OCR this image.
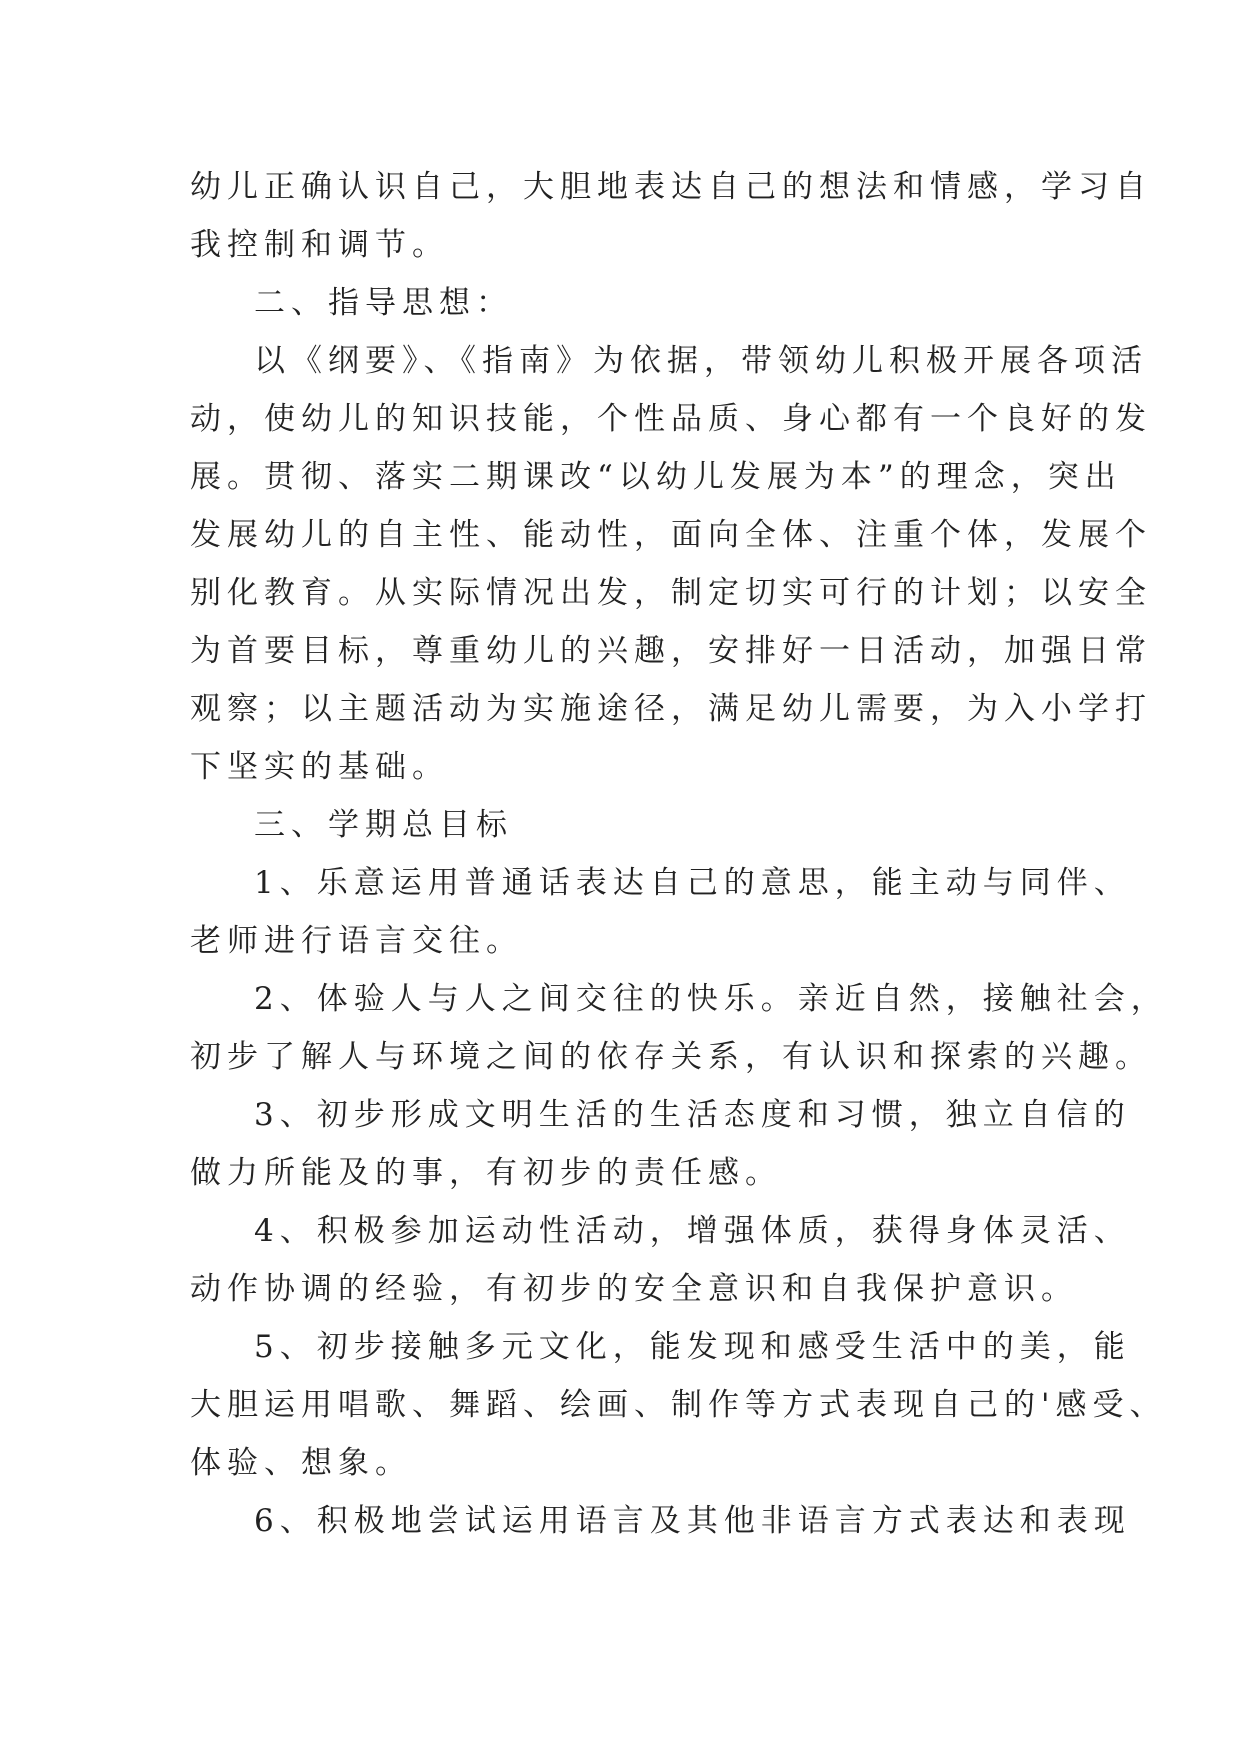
幼儿正确认识自己，大胆地表达自己的想法和情感，学习自
我控制和调节。
二、指导思想：
以《纲要》、《指南》为依据，带领幼儿积极开展各项活
动，使幼儿的知识技能，个性品质、身心都有一个良好的发
展。贯彻、落实二期课改“以幼儿发展为本”的理念，突出
发展幼儿的自主性、能动性，面向全体、注重个体，发展个
别化教育。从实际情况出发，制定切实可行的计划；以安全
为首要目标，尊重幼儿的兴趣，安排好一日活动，加强日常
观察；以主题活动为实施途径，满足幼儿需要，为入小学打
下坚实的基础。
三、学期总目标
1、乐意运用普通话表达自己的意思，能主动与同伴、
老师进行语言交往。
2、体验人与人之间交往的快乐。亲近自然，接触社会，
初步了解人与环境之间的依存关系，有认识和探索的兴趣。
3、初步形成文明生活的生活态度和习惯，独立自信的
做力所能及的事，有初步的责任感。
4、积极参加运动性活动，增强体质，获得身体灵活、
动作协调的经验，有初步的安全意识和自我保护意识。
5、初步接触多元文化，能发现和感受生活中的美，能
大胆运用唱歌、舞蹈、绘画、制作等方式表现自己的'感受、
体验、想象。
6、积极地尝试运用语言及其他非语言方式表达和表现
